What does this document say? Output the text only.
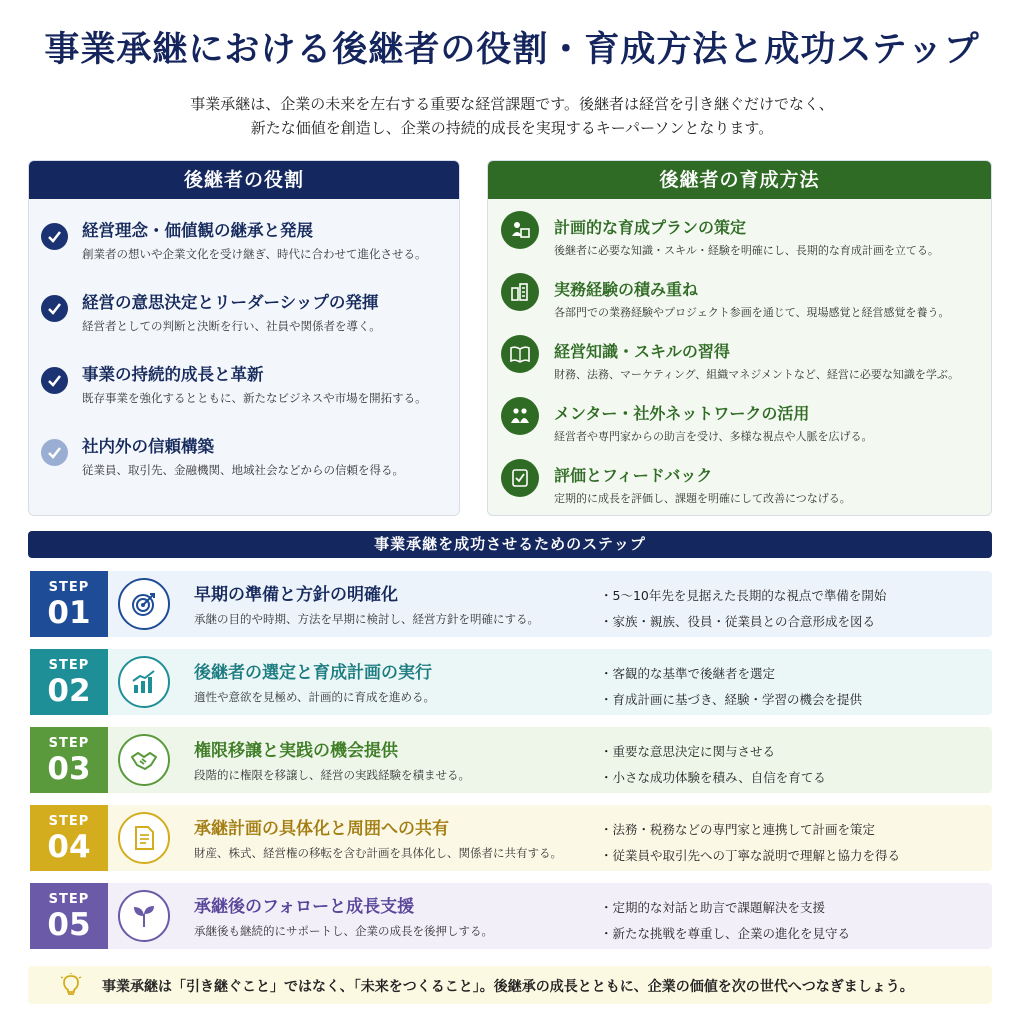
事業承継における後継者の役割・育成方法と成功ステップ
事業承継は、企業の未来を左右する重要な経営課題です。後継者は経営を引き継ぐだけでなく、
新たな価値を創造し、企業の持続的成長を実現するキーパーソンとなります。
後継者の役割
経営理念・価値観の継承と発展
創業者の想いや企業文化を受け継ぎ、時代に合わせて進化させる。
経営の意思決定とリーダーシップの発揮
経営者としての判断と決断を行い、社員や関係者を導く。
事業の持続的成長と革新
既存事業を強化するとともに、新たなビジネスや市場を開拓する。
社内外の信頼構築
従業員、取引先、金融機関、地域社会などからの信頼を得る。
後継者の育成方法
計画的な育成プランの策定
後継者に必要な知識・スキル・経験を明確にし、長期的な育成計画を立てる。
実務経験の積み重ね
各部門での業務経験やプロジェクト参画を通じて、現場感覚と経営感覚を養う。
経営知識・スキルの習得
財務、法務、マーケティング、組織マネジメントなど、経営に必要な知識を学ぶ。
メンター・社外ネットワークの活用
経営者や専門家からの助言を受け、多様な視点や人脈を広げる。
評価とフィードバック
定期的に成長を評価し、課題を明確にして改善につなげる。
事業承継を成功させるためのステップ
STEP
01	早期の準備と方針の明確化
承継の目的や時期、方法を早期に検討し、経営方針を明確にする。
・ 5〜10年先を見据えた長期的な視点で準備を開始
・ 家族・親族、役員・従業員との合意形成を図る
STEP
02	後継者の選定と育成計画の実行
適性や意欲を見極め、計画的に育成を進める。
・ 客観的な基準で後継者を選定
・ 育成計画に基づき、経験・学習の機会を提供
STEP
03	権限移譲と実践の機会提供
段階的に権限を移譲し、経営の実践経験を積ませる。
・ 重要な意思決定に関与させる
・ 小さな成功体験を積み、自信を育てる
STEP
04	承継計画の具体化と周囲への共有
財産、株式、経営権の移転を含む計画を具体化し、関係者に共有する。
・ 法務・税務などの専門家と連携して計画を策定
・ 従業員や取引先への丁寧な説明で理解と協力を得る
STEP
05	承継後のフォローと成長支援
承継後も継続的にサポートし、企業の成長を後押しする。
・ 定期的な対話と助言で課題解決を支援
・ 新たな挑戦を尊重し、企業の進化を見守る
事業承継は「引き継ぐこと」ではなく、「未来をつくること」。後継承の成長とともに、企業の価値を次の世代へつなぎましょう。
